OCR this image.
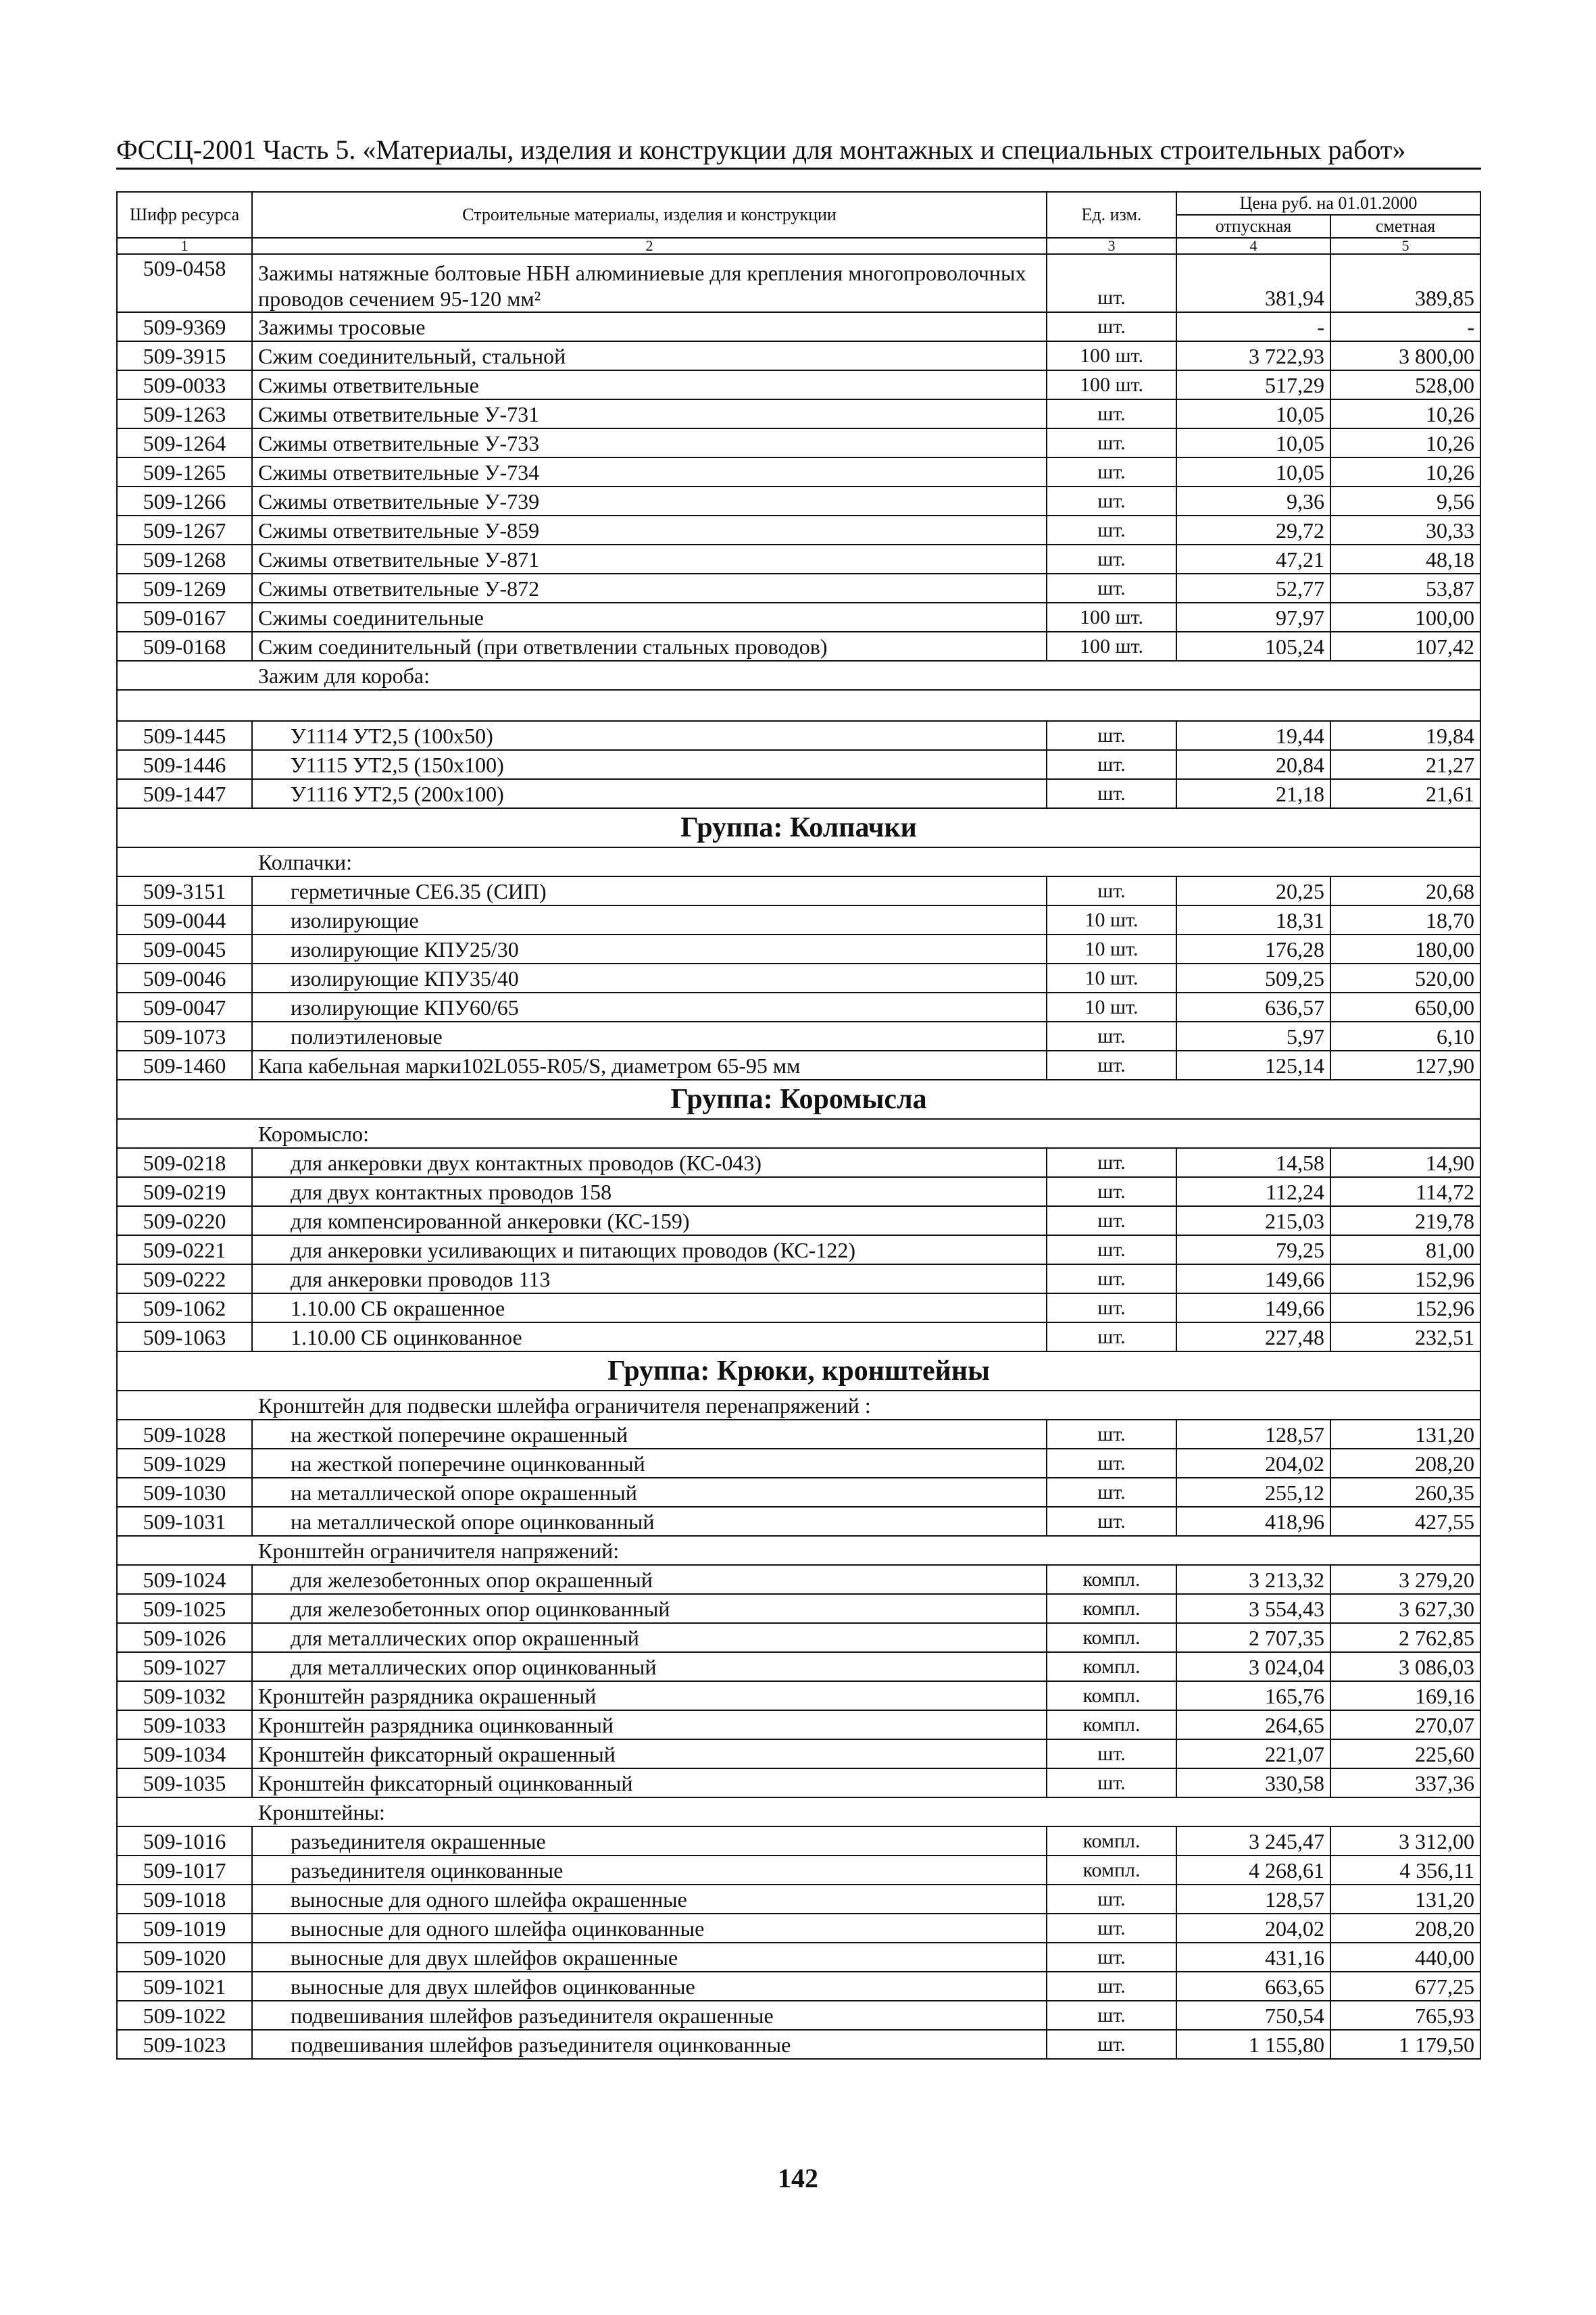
ФССЦ-2001 Часть 5. «Материалы, изделия и конструкции для монтажных и специальных строительных работ»
Шифр ресурса	Строительные материалы, изделия и конструкции	Ед. изм.	Цена руб. на 01.01.2000	
			отпускная	сметная
1	2	3	4	5
509-0458	Зажимы натяжные болтовые НБН алюминиевые для крепления многопроволочных проводов сечением 95-120 мм²	шт.	381,94	389,85
509-9369	Зажимы тросовые	шт.	-	-
509-3915	Сжим соединительный, стальной	100 шт.	3 722,93	3 800,00
509-0033	Сжимы ответвительные	100 шт.	517,29	528,00
509-1263	Сжимы ответвительные У-731	шт.	10,05	10,26
509-1264	Сжимы ответвительные У-733	шт.	10,05	10,26
509-1265	Сжимы ответвительные У-734	шт.	10,05	10,26
509-1266	Сжимы ответвительные У-739	шт.	9,36	9,56
509-1267	Сжимы ответвительные У-859	шт.	29,72	30,33
509-1268	Сжимы ответвительные У-871	шт.	47,21	48,18
509-1269	Сжимы ответвительные У-872	шт.	52,77	53,87
509-0167	Сжимы соединительные	100 шт.	97,97	100,00
509-0168	Сжим соединительный (при ответвлении стальных проводов)	100 шт.	105,24	107,42
	Зажим для короба:			

509-1445	У1114 УТ2,5 (100х50)	шт.	19,44	19,84
509-1446	У1115 УТ2,5 (150х100)	шт.	20,84	21,27
509-1447	У1116 УТ2,5 (200х100)	шт.	21,18	21,61
Группа: Колпачки				
	Колпачки:			
509-3151	герметичные СЕ6.35 (СИП)	шт.	20,25	20,68
509-0044	изолирующие	10 шт.	18,31	18,70
509-0045	изолирующие КПУ25/30	10 шт.	176,28	180,00
509-0046	изолирующие КПУ35/40	10 шт.	509,25	520,00
509-0047	изолирующие КПУ60/65	10 шт.	636,57	650,00
509-1073	полиэтиленовые	шт.	5,97	6,10
509-1460	Капа кабельная марки102L055-R05/S, диаметром 65-95 мм	шт.	125,14	127,90
Группа: Коромысла				
	Коромысло:			
509-0218	для анкеровки двух контактных проводов (КС-043)	шт.	14,58	14,90
509-0219	для двух контактных проводов 158	шт.	112,24	114,72
509-0220	для компенсированной анкеровки (КС-159)	шт.	215,03	219,78
509-0221	для анкеровки усиливающих и питающих проводов (КС-122)	шт.	79,25	81,00
509-0222	для анкеровки проводов 113	шт.	149,66	152,96
509-1062	1.10.00 СБ окрашенное	шт.	149,66	152,96
509-1063	1.10.00 СБ оцинкованное	шт.	227,48	232,51
Группа: Крюки, кронштейны				
	Кронштейн для подвески шлейфа ограничителя перенапряжений :			
509-1028	на жесткой поперечине окрашенный	шт.	128,57	131,20
509-1029	на жесткой поперечине оцинкованный	шт.	204,02	208,20
509-1030	на металлической опоре окрашенный	шт.	255,12	260,35
509-1031	на металлической опоре оцинкованный	шт.	418,96	427,55
	Кронштейн ограничителя напряжений:			
509-1024	для железобетонных опор окрашенный	компл.	3 213,32	3 279,20
509-1025	для железобетонных опор оцинкованный	компл.	3 554,43	3 627,30
509-1026	для металлических опор окрашенный	компл.	2 707,35	2 762,85
509-1027	для металлических опор оцинкованный	компл.	3 024,04	3 086,03
509-1032	Кронштейн разрядника окрашенный	компл.	165,76	169,16
509-1033	Кронштейн разрядника оцинкованный	компл.	264,65	270,07
509-1034	Кронштейн фиксаторный окрашенный	шт.	221,07	225,60
509-1035	Кронштейн фиксаторный оцинкованный	шт.	330,58	337,36
	Кронштейны:			
509-1016	разъединителя окрашенные	компл.	3 245,47	3 312,00
509-1017	разъединителя оцинкованные	компл.	4 268,61	4 356,11
509-1018	выносные для одного шлейфа окрашенные	шт.	128,57	131,20
509-1019	выносные для одного шлейфа оцинкованные	шт.	204,02	208,20
509-1020	выносные для двух шлейфов окрашенные	шт.	431,16	440,00
509-1021	выносные для двух шлейфов оцинкованные	шт.	663,65	677,25
509-1022	подвешивания шлейфов разъединителя окрашенные	шт.	750,54	765,93
509-1023	подвешивания шлейфов разъединителя оцинкованные	шт.	1 155,80	1 179,50
142
